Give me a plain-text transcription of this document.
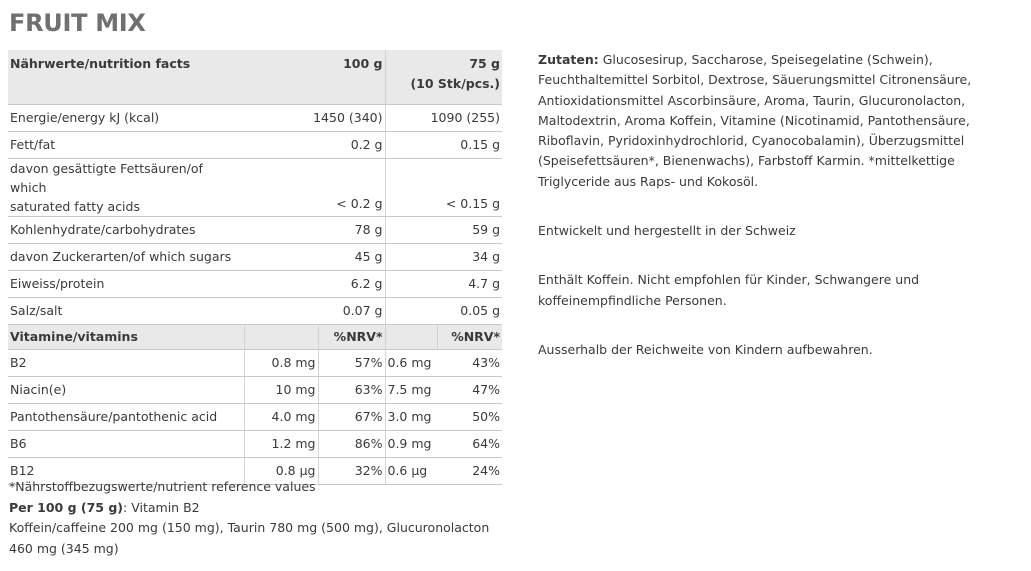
FRUIT MIX
Nährwerte/nutrition facts	100 g		75 g
(10 Stk/pcs.)	

Energie/energy kJ (kcal)	1450 (340)		1090 (255)	
Fett/fat	0.2 g		0.15 g	

davon gesättigte Fettsäuren/of which
saturated fatty acids	< 0.2 g		< 0.15 g	
Kohlenhydrate/carbohydrates	78 g		59 g	
davon Zuckerarten/of which sugars	45 g		34 g	
Eiweiss/protein	6.2 g		4.7 g	
Salz/salt	0.07 g		0.05 g	
Vitamine/vitamins		%NRV*		%NRV*
B2	0.8 mg	57%	0.6 mg	43%
Niacin(e)	10 mg	63%	7.5 mg	47%
Pantothensäure/pantothenic acid	4.0 mg	67%	3.0 mg	50%
B6	1.2 mg	86%	0.9 mg	64%
B12	0.8 µg	32%	0.6 µg	24%
*Nährstoffbezugswerte/nutrient reference values
Per 100 g (75 g): Vitamin B2
Koffein/caffeine 200 mg (150 mg), Taurin 780 mg (500 mg), Glucuronolacton 460 mg (345 mg)

Zutaten: Glucosesirup, Saccharose, Speisegelatine (Schwein), Feuchthaltemittel Sorbitol, Dextrose, Säuerungsmittel Citronensäure, Antioxidationsmittel Ascorbinsäure, Aroma, Taurin, Glucuronolacton, Maltodextrin, Aroma Koffein, Vitamine (Nicotinamid, Pantothensäure, Riboflavin, Pyridoxinhydrochlorid, Cyanocobalamin), Überzugsmittel (Speisefettsäuren*, Bienenwachs), Farbstoff Karmin. *mittelkettige Triglyceride aus Raps- und Kokosöl.

Entwickelt und hergestellt in der Schweiz

Enthält Koffein. Nicht empfohlen für Kinder, Schwangere und koffeinempfindliche Personen.

Ausserhalb der Reichweite von Kindern aufbewahren.
